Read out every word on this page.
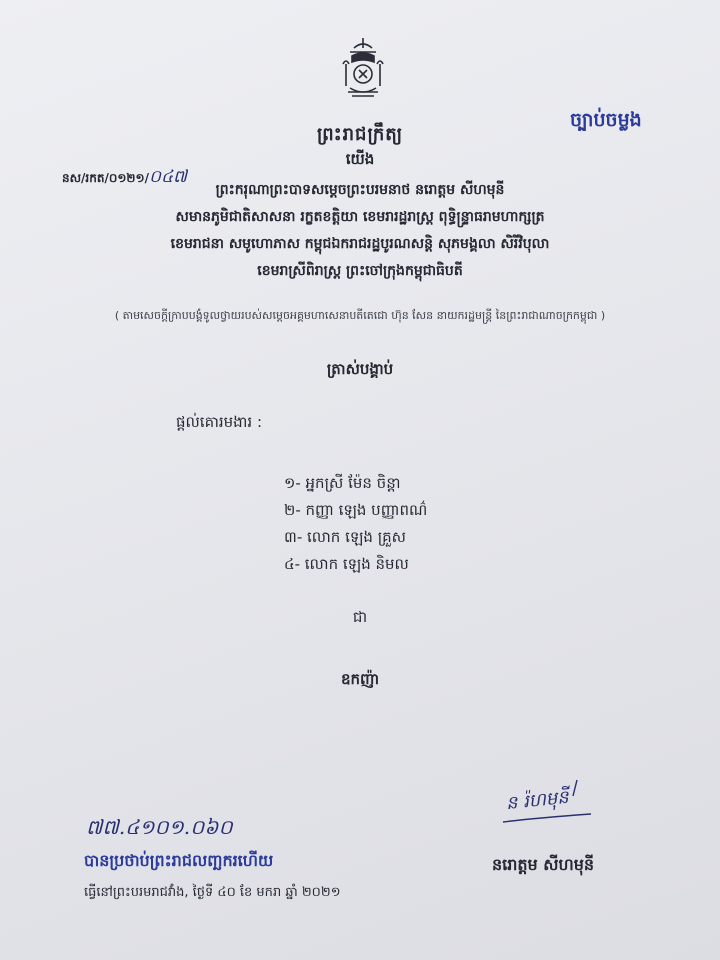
ព្រះរាជក្រឹត្យ
ច្បាប់ចម្លង
នស/រកត/០១២១/០៤៧
យើង
ព្រះករុណាព្រះបាទសម្តេចព្រះបរមនាថ នរោត្តម សីហមុនី
សមានភូមិជាតិសាសនា រក្ខតខត្តិយា ខេមរារដ្ឋរាស្ត្រ ពុទ្ធិន្ទ្រាធរាមហាក្សត្រ
ខេមរាជនា សមូហោភាស កម្ពុជឯករាជរដ្ឋបូរណសន្តិ សុភមង្គលា សិរីវិបុលា
ខេមរាស្រីពិរាស្ត្រ ព្រះចៅក្រុងកម្ពុជាធិបតី
( តាមសេចក្តីក្រាបបង្គំទូលថ្វាយរបស់សម្តេចអគ្គមហាសេនាបតីតេជោ ហ៊ុន សែន នាយករដ្ឋមន្ត្រី នៃព្រះរាជាណាចក្រកម្ពុជា )
ត្រាស់បង្គាប់
ផ្តល់គោរមងារ :
១- អ្នកស្រី ម៉ែន ចិន្តា
២- កញ្ញា ឡេង បញ្ញាពណ៌
៣- លោក ឡេង គ្រួស
៤- លោក ឡេង និមល
ជា
ឧកញ៉ា
ន រ៉ហមុនី
៧៧.៤១០១.០៦០
បានប្រថាប់ព្រះរាជលញ្ឆករហើយ	នរោត្តម សីហមុនី
ធ្វើនៅព្រះបរមរាជវាំង, ថ្ងៃទី ៤០ ខែ មករា ឆ្នាំ ២០២១
